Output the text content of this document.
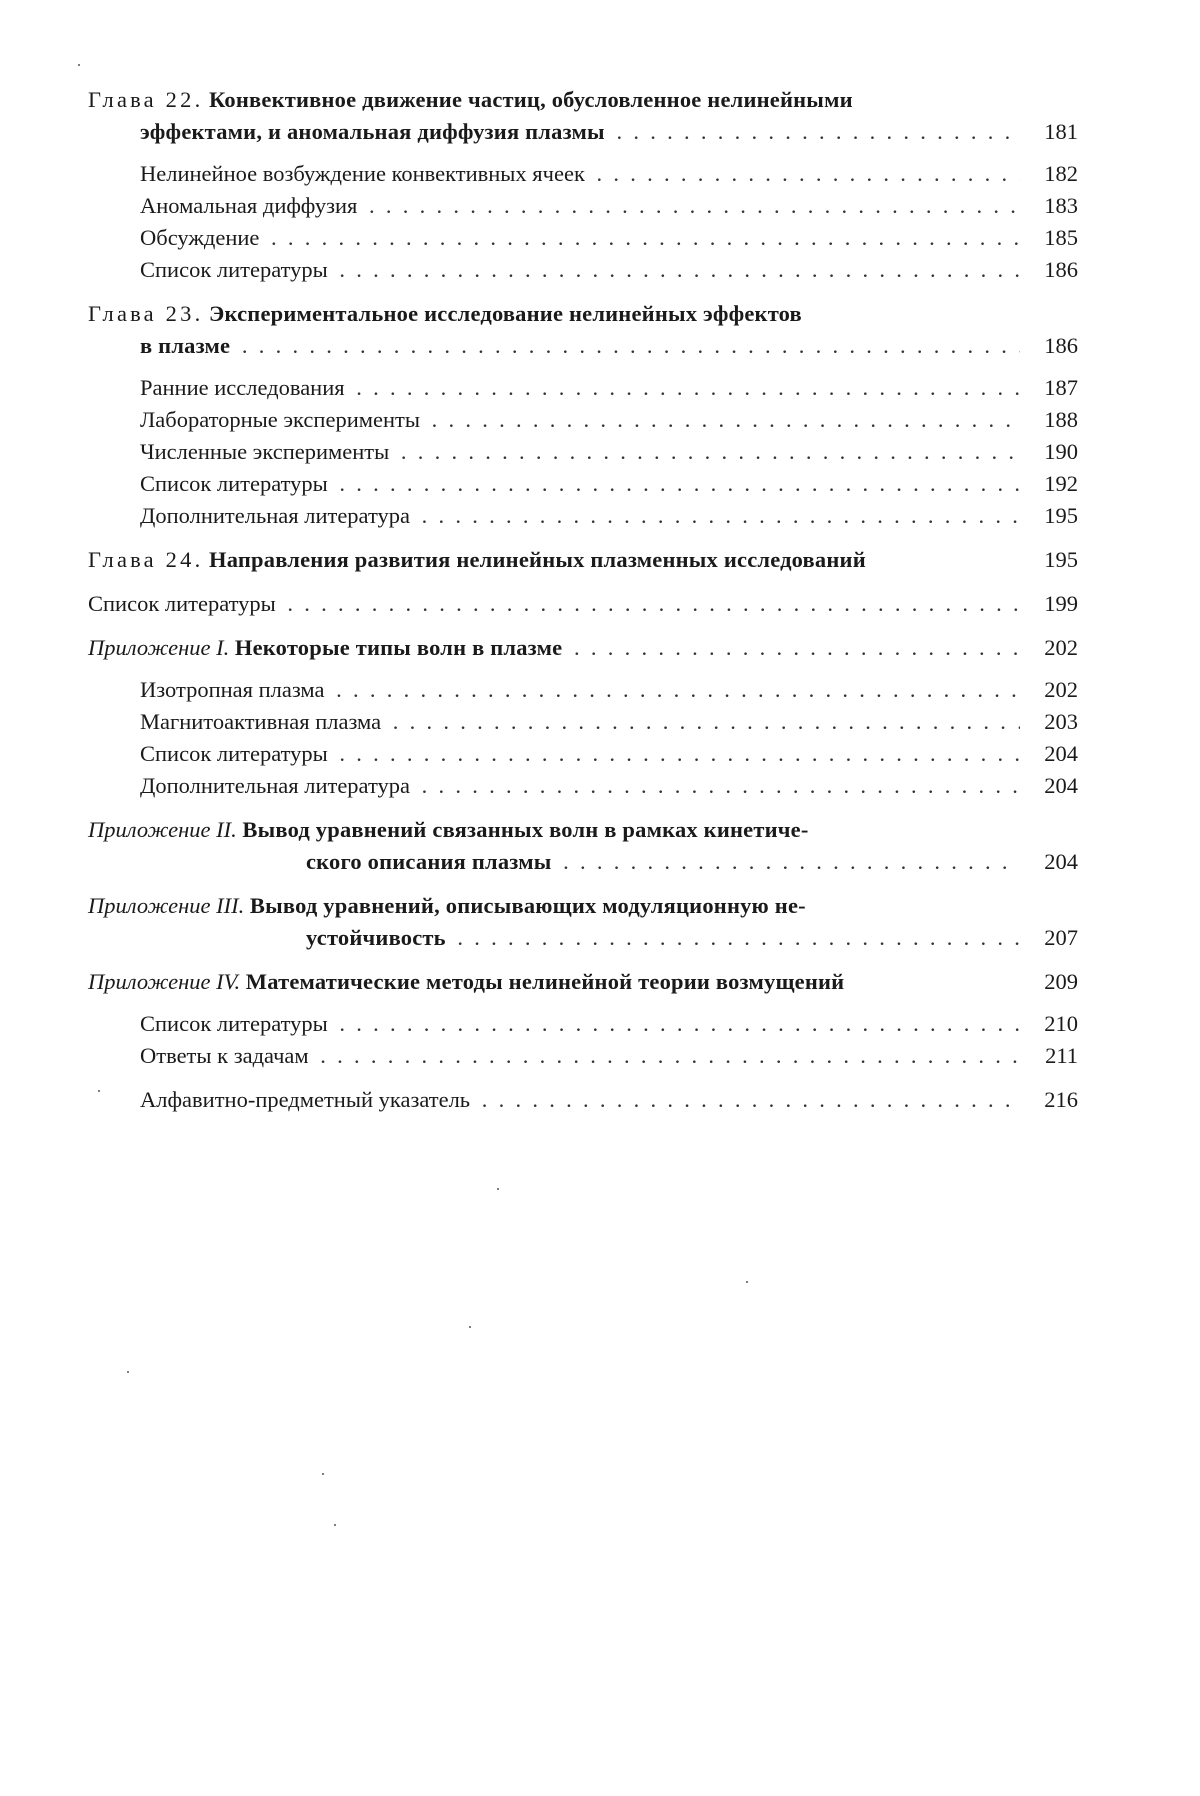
Глава 22. Конвективное движение частиц, обусловленное нелинейными
эффектами, и аномальная диффузия плазмы . .	181
Нелинейное возбуждение конвективных ячеек . .	182
Аномальная диффузия . .	183
Обсуждение . .	185
Список литературы . .	186
Глава 23. Экспериментальное исследование нелинейных эффектов
в плазме . .	186
Ранние исследования . .	187
Лабораторные эксперименты . .	188
Численные эксперименты . .	190
Список литературы . .	192
Дополнительная литература . .	195
Глава 24. Направления развития нелинейных плазменных исследований	195
Список литературы . .	199
Приложение I. Некоторые типы волн в плазме . .	202
Изотропная плазма . .	202
Магнитоактивная плазма . .	203
Список литературы . .	204
Дополнительная литература . .	204
Приложение II. Вывод уравнений связанных волн в рамках кинетиче-
ского описания плазмы . .	204
Приложение III. Вывод уравнений, описывающих модуляционную не-
устойчивость . .	207
Приложение IV. Математические методы нелинейной теории возмущений	209
Список литературы . .	210
Ответы к задачам . .	211
Алфавитно-предметный указатель . .	216
